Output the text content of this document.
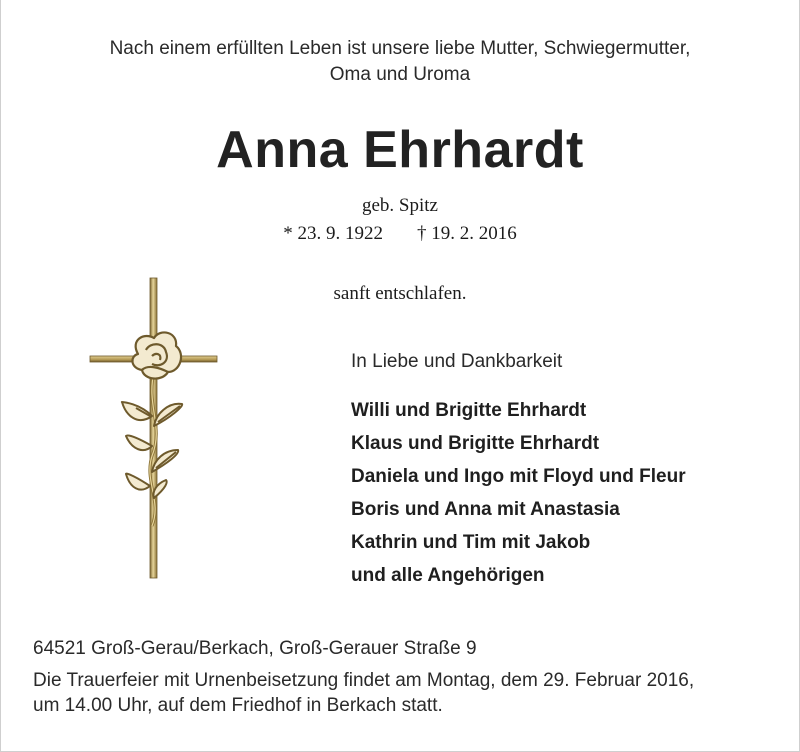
Nach einem erfüllten Leben ist unsere liebe Mutter, Schwiegermutter,
Oma und Uroma
Anna Ehrhardt
geb. Spitz
* 23. 9. 1922 † 19. 2. 2016
sanft entschlafen.
In Liebe und Dankbarkeit
Willi und Brigitte Ehrhardt
Klaus und Brigitte Ehrhardt
Daniela und Ingo mit Floyd und Fleur
Boris und Anna mit Anastasia
Kathrin und Tim mit Jakob
und alle Angehörigen
64521 Groß-Gerau/Berkach, Groß-Gerauer Straße 9
Die Trauerfeier mit Urnenbeisetzung findet am Montag, dem 29. Februar 2016,
um 14.00 Uhr, auf dem Friedhof in Berkach statt.
